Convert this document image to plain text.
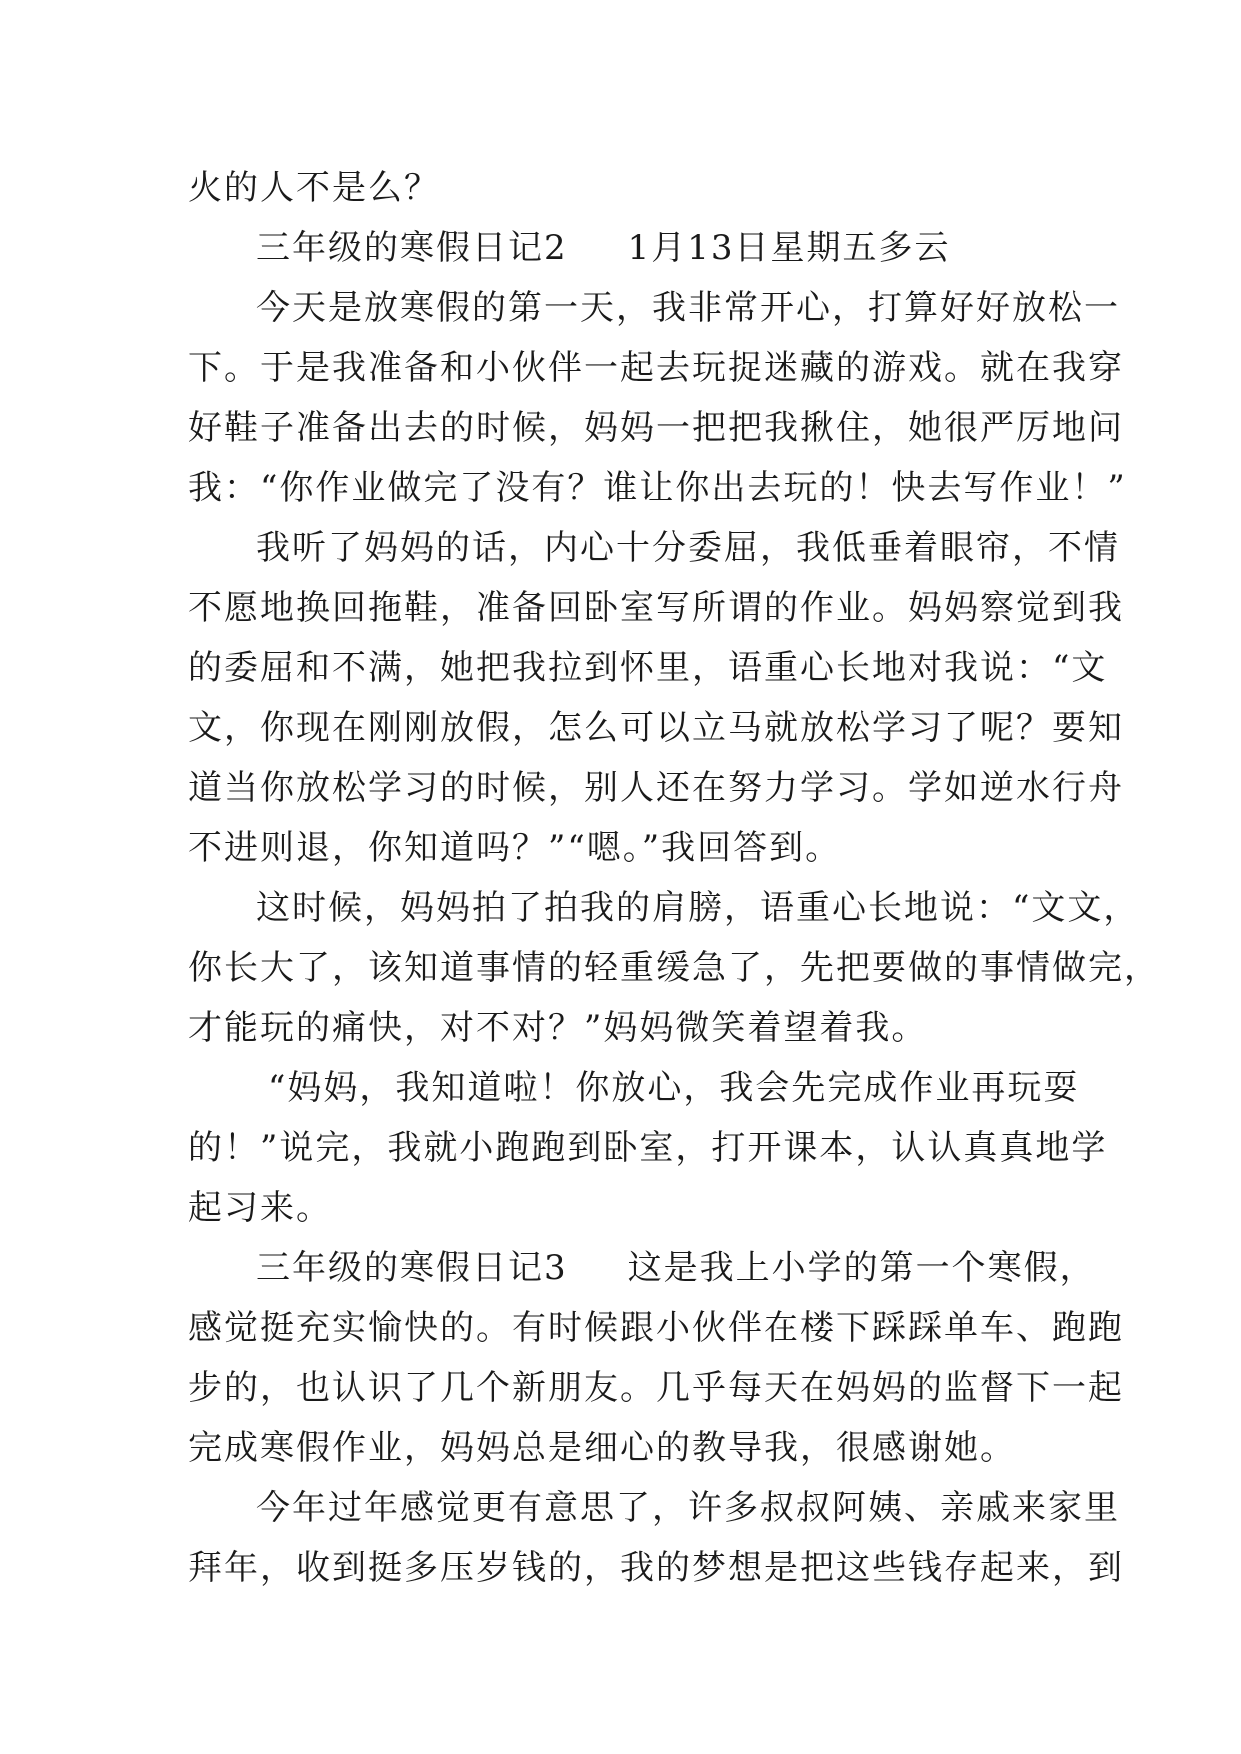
火的人不是么？
三年级的寒假日记2 1月13日星期五多云
今天是放寒假的第一天，我非常开心，打算好好放松一
下。于是我准备和小伙伴一起去玩捉迷藏的游戏。就在我穿
好鞋子准备出去的时候，妈妈一把把我揪住，她很严厉地问
我：“你作业做完了没有？谁让你出去玩的！快去写作业！”
我听了妈妈的话，内心十分委屈，我低垂着眼帘，不情
不愿地换回拖鞋，准备回卧室写所谓的作业。妈妈察觉到我
的委屈和不满，她把我拉到怀里，语重心长地对我说：“文
文，你现在刚刚放假，怎么可以立马就放松学习了呢？要知
道当你放松学习的时候，别人还在努力学习。学如逆水行舟
不进则退，你知道吗？”“嗯。”我回答到。
这时候，妈妈拍了拍我的肩膀，语重心长地说：“文文，
你长大了，该知道事情的轻重缓急了，先把要做的事情做完，
才能玩的痛快，对不对？”妈妈微笑着望着我。
“妈妈，我知道啦！你放心，我会先完成作业再玩耍
的！”说完，我就小跑跑到卧室，打开课本，认认真真地学
起习来。
三年级的寒假日记3 这是我上小学的第一个寒假，
感觉挺充实愉快的。有时候跟小伙伴在楼下踩踩单车、跑跑
步的，也认识了几个新朋友。几乎每天在妈妈的监督下一起
完成寒假作业，妈妈总是细心的教导我，很感谢她。
今年过年感觉更有意思了，许多叔叔阿姨、亲戚来家里
拜年，收到挺多压岁钱的，我的梦想是把这些钱存起来，到
